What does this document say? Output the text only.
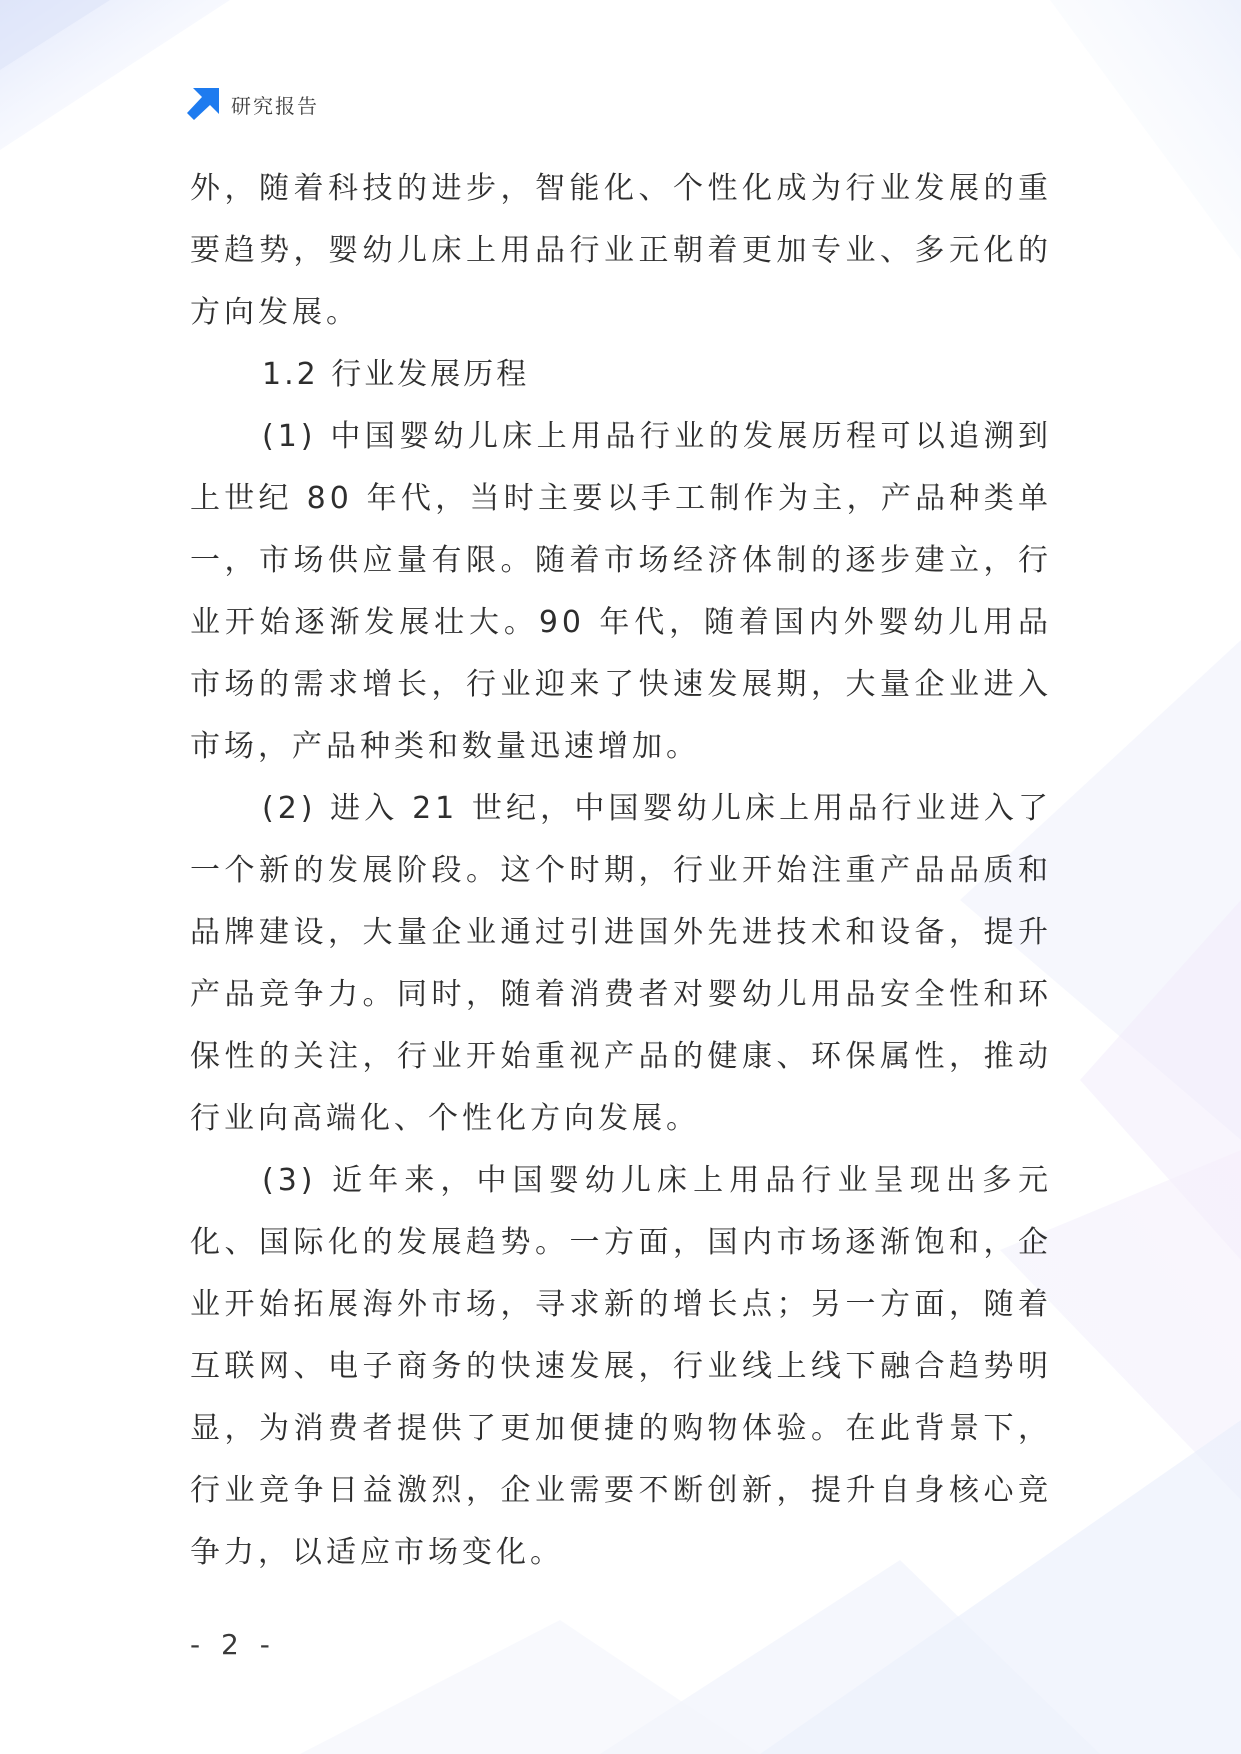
研究报告

外，随着科技的进步，智能化、个性化成为行业发展的重要趋势，婴幼儿床上用品行业正朝着更加专业、多元化的方向发展。

1.2 行业发展历程

(1) 中国婴幼儿床上用品行业的发展历程可以追溯到上世纪 80 年代，当时主要以手工制作为主，产品种类单一，市场供应量有限。随着市场经济体制的逐步建立，行业开始逐渐发展壮大。90 年代，随着国内外婴幼儿用品市场的需求增长，行业迎来了快速发展期，大量企业进入市场，产品种类和数量迅速增加。

(2) 进入 21 世纪，中国婴幼儿床上用品行业进入了一个新的发展阶段。这个时期，行业开始注重产品品质和品牌建设，大量企业通过引进国外先进技术和设备，提升产品竞争力。同时，随着消费者对婴幼儿用品安全性和环保性的关注，行业开始重视产品的健康、环保属性，推动行业向高端化、个性化方向发展。

(3) 近年来，中国婴幼儿床上用品行业呈现出多元化、国际化的发展趋势。一方面，国内市场逐渐饱和，企业开始拓展海外市场，寻求新的增长点；另一方面，随着互联网、电子商务的快速发展，行业线上线下融合趋势明显，为消费者提供了更加便捷的购物体验。在此背景下，行业竞争日益激烈，企业需要不断创新，提升自身核心竞争力，以适应市场变化。

- 2 -
